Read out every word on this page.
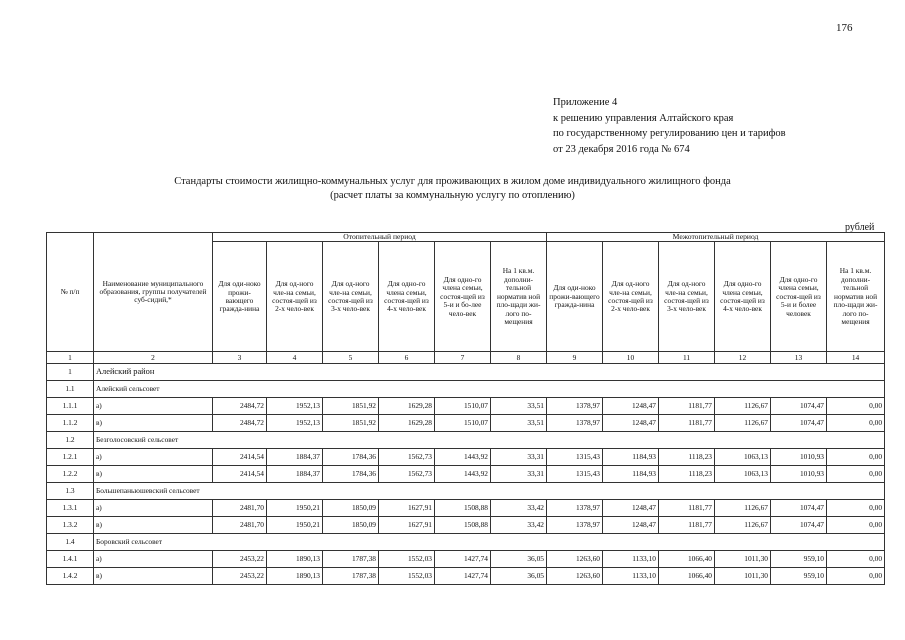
176
Приложение 4
к решению управления Алтайского края
по государственному регулированию цен и тарифов
от 23 декабря 2016 года № 674
Стандарты стоимости жилищно-коммунальных услуг для проживающих в жилом доме индивидуального жилищного фонда
(расчет платы за коммунальную услугу по отоплению)
рублей
№ п/п	Наименование муниципального образования, группы получателей суб-сидий,*	Отопительный период						Межотопительный период					
		Для оди-ноко прожи-вающего гражда-нина	Для од-ного чле-на семьи, состоя-щей из 2-х чело-век	Для од-ного чле-на семьи, состоя-щей из 3-х чело-век	Для одно-го члена семьи, состоя-щей из 4-х чело-век	Для одно-го члена семьи, состоя-щей из 5-и и бо-лее чело-век	На 1 кв.м. дополни-тельной норматив ной пло-щади жи-лого по-мещения	Для оди-ноко прожи-вающего гражда-нина	Для од-ного чле-на семьи, состоя-щей из 2-х чело-век	Для од-ного чле-на семьи, состоя-щей из 3-х чело-век	Для одно-го члена семьи, состоя-щей из 4-х чело-век	Для одно-го члена семьи, состоя-щей из 5-и и более человек	На 1 кв.м. дополни-тельной норматив ной пло-щади жи-лого по-мещения
1	2	3	4	5	6	7	8	9	10	11	12	13	14
1	Алейский район												
1.1	Алейский сельсовет												
1.1.1	а)	2484,72	1952,13	1851,92	1629,28	1510,07	33,51	1378,97	1248,47	1181,77	1126,67	1074,47	0,00
1.1.2	в)	2484,72	1952,13	1851,92	1629,28	1510,07	33,51	1378,97	1248,47	1181,77	1126,67	1074,47	0,00
1.2	Безголосовский сельсовет												
1.2.1	а)	2414,54	1884,37	1784,36	1562,73	1443,92	33,31	1315,43	1184,93	1118,23	1063,13	1010,93	0,00
1.2.2	в)	2414,54	1884,37	1784,36	1562,73	1443,92	33,31	1315,43	1184,93	1118,23	1063,13	1010,93	0,00
1.3	Большепаньюшевский сельсовет												
1.3.1	а)	2481,70	1950,21	1850,09	1627,91	1508,88	33,42	1378,97	1248,47	1181,77	1126,67	1074,47	0,00
1.3.2	в)	2481,70	1950,21	1850,09	1627,91	1508,88	33,42	1378,97	1248,47	1181,77	1126,67	1074,47	0,00
1.4	Боровский сельсовет												
1.4.1	а)	2453,22	1890,13	1787,38	1552,03	1427,74	36,05	1263,60	1133,10	1066,40	1011,30	959,10	0,00
1.4.2	в)	2453,22	1890,13	1787,38	1552,03	1427,74	36,05	1263,60	1133,10	1066,40	1011,30	959,10	0,00
